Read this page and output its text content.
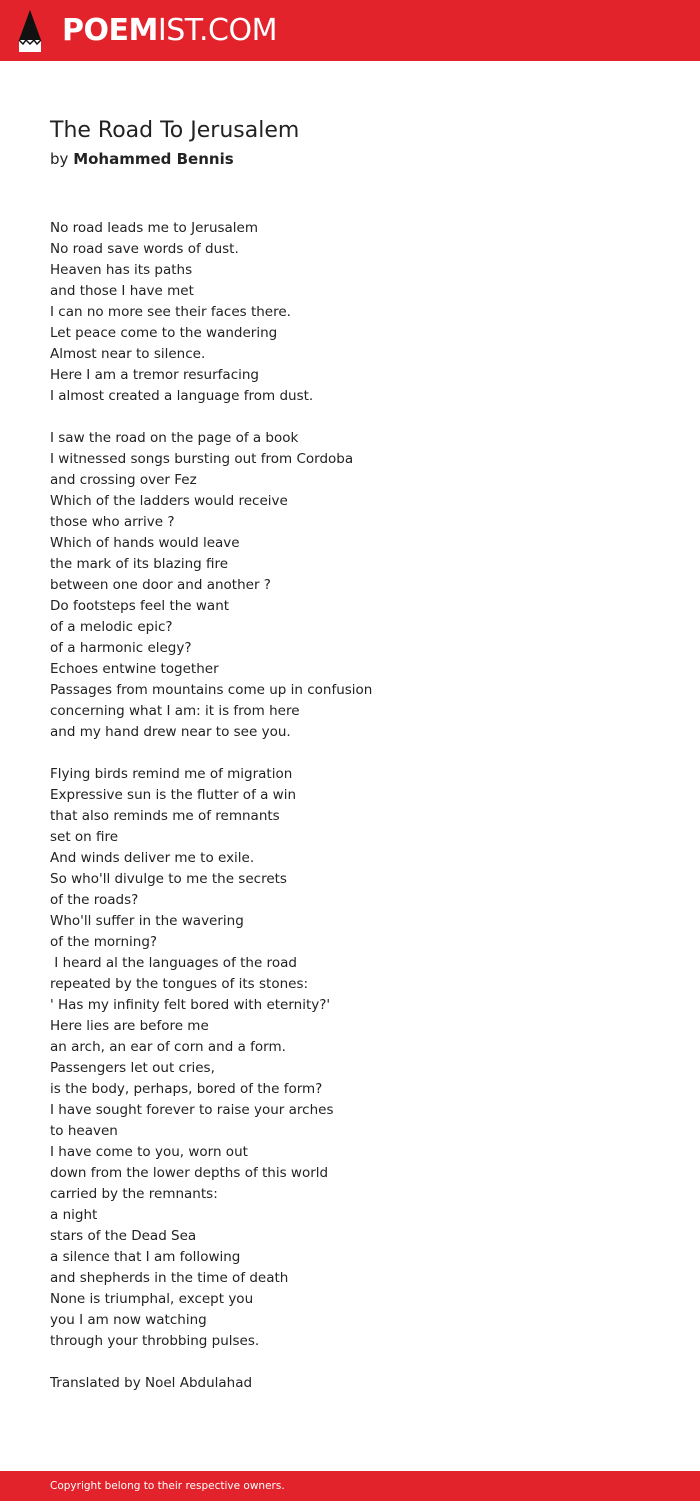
POEMIST.COM
The Road To Jerusalem
by Mohammed Bennis
No road leads me to Jerusalem
No road save words of dust.
Heaven has its paths
and those I have met
I can no more see their faces there.
Let peace come to the wandering
Almost near to silence.
Here I am a tremor resurfacing
I almost created a language from dust.
I saw the road on the page of a book
I witnessed songs bursting out from Cordoba
and crossing over Fez
Which of the ladders would receive
those who arrive ?
Which of hands would leave
the mark of its blazing fire
between one door and another ?
Do footsteps feel the want
of a melodic epic?
of a harmonic elegy?
Echoes entwine together
Passages from mountains come up in confusion
concerning what I am: it is from here
and my hand drew near to see you.
Flying birds remind me of migration
Expressive sun is the flutter of a win
that also reminds me of remnants
set on fire
And winds deliver me to exile.
So who'll divulge to me the secrets
of the roads?
Who'll suffer in the wavering
of the morning?
I heard al the languages of the road
repeated by the tongues of its stones:
' Has my infinity felt bored with eternity?'
Here lies are before me
an arch, an ear of corn and a form.
Passengers let out cries,
is the body, perhaps, bored of the form?
I have sought forever to raise your arches
to heaven
I have come to you, worn out
down from the lower depths of this world
carried by the remnants:
a night
stars of the Dead Sea
a silence that I am following
and shepherds in the time of death
None is triumphal, except you
you I am now watching
through your throbbing pulses.
Translated by Noel Abdulahad
Copyright belong to their respective owners.
